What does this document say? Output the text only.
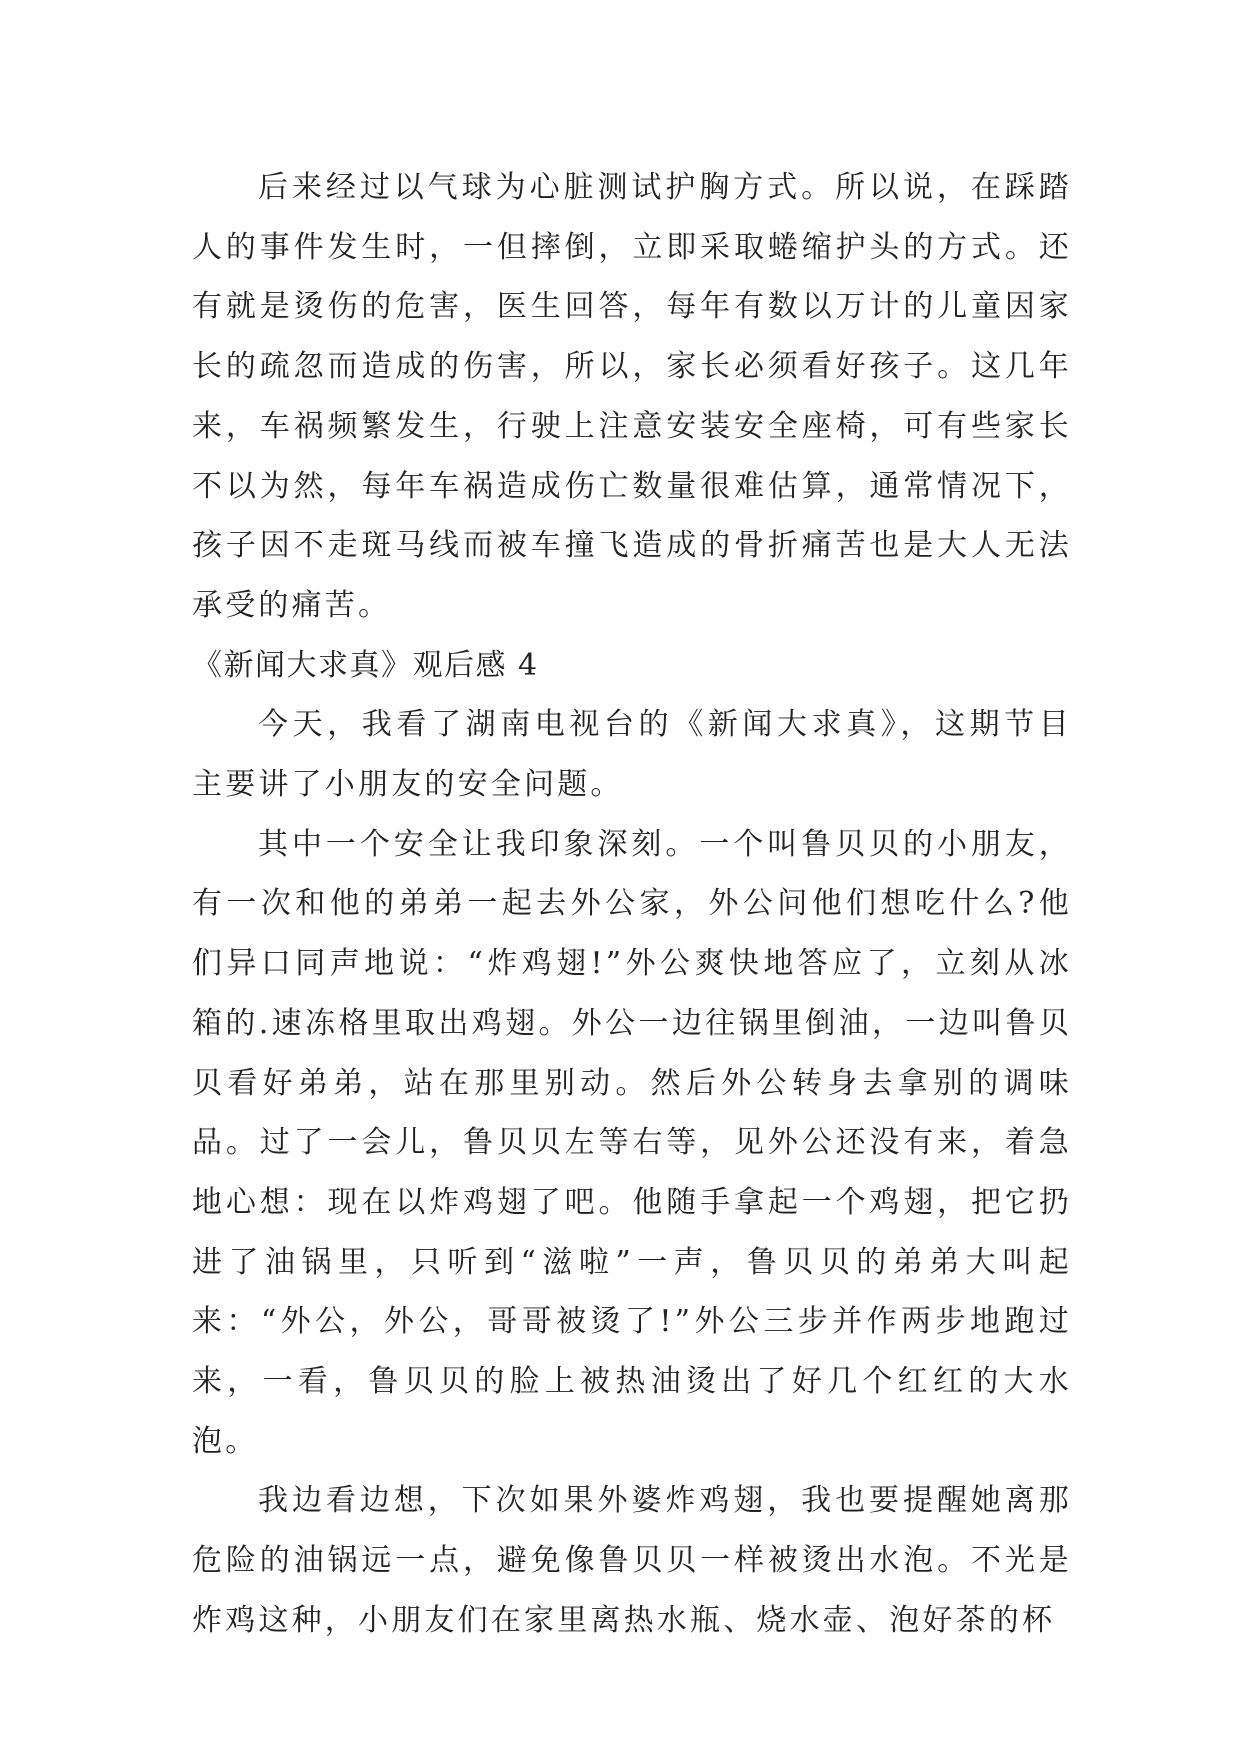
后来经过以气球为心脏测试护胸方式。所以说，在踩踏人的事件发生时，一但摔倒，立即采取蜷缩护头的方式。还有就是烫伤的危害，医生回答，每年有数以万计的儿童因家长的疏忽而造成的伤害，所以，家长必须看好孩子。这几年来，车祸频繁发生，行驶上注意安装安全座椅，可有些家长不以为然，每年车祸造成伤亡数量很难估算，通常情况下，孩子因不走斑马线而被车撞飞造成的骨折痛苦也是大人无法承受的痛苦。

《新闻大求真》观后感 4

今天，我看了湖南电视台的《新闻大求真》，这期节目主要讲了小朋友的安全问题。

其中一个安全让我印象深刻。一个叫鲁贝贝的小朋友，有一次和他的弟弟一起去外公家，外公问他们想吃什么?他们异口同声地说：“炸鸡翅!”外公爽快地答应了，立刻从冰箱的.速冻格里取出鸡翅。外公一边往锅里倒油，一边叫鲁贝贝看好弟弟，站在那里别动。然后外公转身去拿别的调味品。过了一会儿，鲁贝贝左等右等，见外公还没有来，着急地心想：现在以炸鸡翅了吧。他随手拿起一个鸡翅，把它扔进了油锅里，只听到“滋啦”一声，鲁贝贝的弟弟大叫起来：“外公，外公，哥哥被烫了!”外公三步并作两步地跑过来，一看，鲁贝贝的脸上被热油烫出了好几个红红的大水泡。

我边看边想，下次如果外婆炸鸡翅，我也要提醒她离那危险的油锅远一点，避免像鲁贝贝一样被烫出水泡。不光是炸鸡这种，小朋友们在家里离热水瓶、烧水壶、泡好茶的杯
